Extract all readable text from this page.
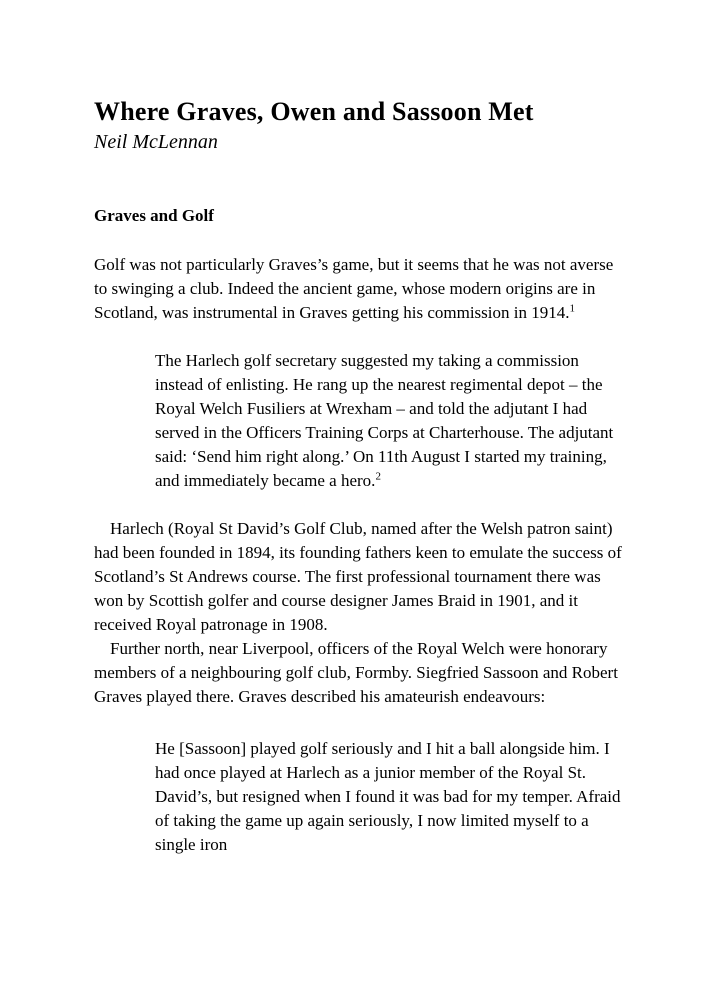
Where Graves, Owen and Sassoon Met
Neil McLennan
Graves and Golf

Golf was not particularly Graves’s game, but it seems that he was not averse to swinging a club. Indeed the ancient game, whose modern origins are in Scotland, was instrumental in Graves getting his commission in 1914.$^1$

The Harlech golf secretary suggested my taking a commission instead of enlisting. He rang up the nearest regimental depot – the Royal Welch Fusiliers at Wrexham – and told the adjutant I had served in the Officers Training Corps at Charterhouse. The adjutant said: ‘Send him right along.’ On 11th August I started my training, and immediately became a hero.$^2$

Harlech (Royal St David’s Golf Club, named after the Welsh patron saint) had been founded in 1894, its founding fathers keen to emulate the success of Scotland’s St Andrews course. The first professional tournament there was won by Scottish golfer and course designer James Braid in 1901, and it received Royal patronage in 1908.

Further north, near Liverpool, officers of the Royal Welch were honorary members of a neighbouring golf club, Formby. Siegfried Sassoon and Robert Graves played there. Graves described his amateurish endeavours:

He [Sassoon] played golf seriously and I hit a ball alongside him. I had once played at Harlech as a junior member of the Royal St. David’s, but resigned when I found it was bad for my temper. Afraid of taking the game up again seriously, I now limited myself to a single iron
